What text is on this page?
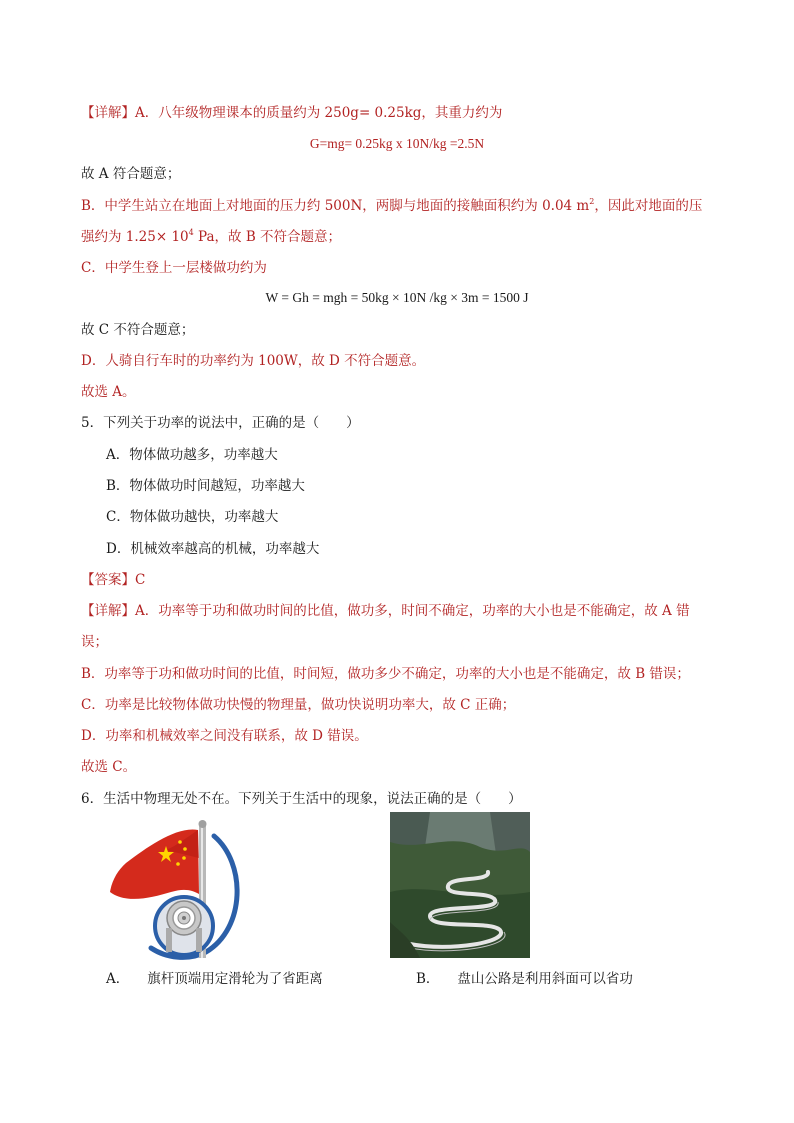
【详解】A．八年级物理课本的质量约为 250g= 0.25kg，其重力约为
G=mg= 0.25kg x 10N/kg =2.5N
故 A 符合题意；
B．中学生站立在地面上对地面的压力约 500N，两脚与地面的接触面积约为 0.04 $m^2$，因此对地面的压
强约为 $1.25\times 10^4$ Pa，故 B 不符合题意；
C．中学生登上一层楼做功约为
W = Gh = mgh = 50kg × 10N /kg × 3m = 1500 J
故 C 不符合题意；
D．人骑自行车时的功率约为 100W，故 D 不符合题意。
故选 A。
5．下列关于功率的说法中，正确的是（　　）
A．物体做功越多，功率越大
B．物体做功时间越短，功率越大
C．物体做功越快，功率越大
D．机械效率越高的机械，功率越大
【答案】C
【详解】A．功率等于功和做功时间的比值，做功多，时间不确定，功率的大小也是不能确定，故 A 错
误；
B．功率等于功和做功时间的比值，时间短，做功多少不确定，功率的大小也是不能确定，故 B 错误；
C．功率是比较物体做功快慢的物理量，做功快说明功率大，故 C 正确；
D．功率和机械效率之间没有联系，故 D 错误。
故选 C。
6．生活中物理无处不在。下列关于生活中的现象，说法正确的是（　　）
A． 旗杆顶端用定滑轮为了省距离	B． 盘山公路是利用斜面可以省功
